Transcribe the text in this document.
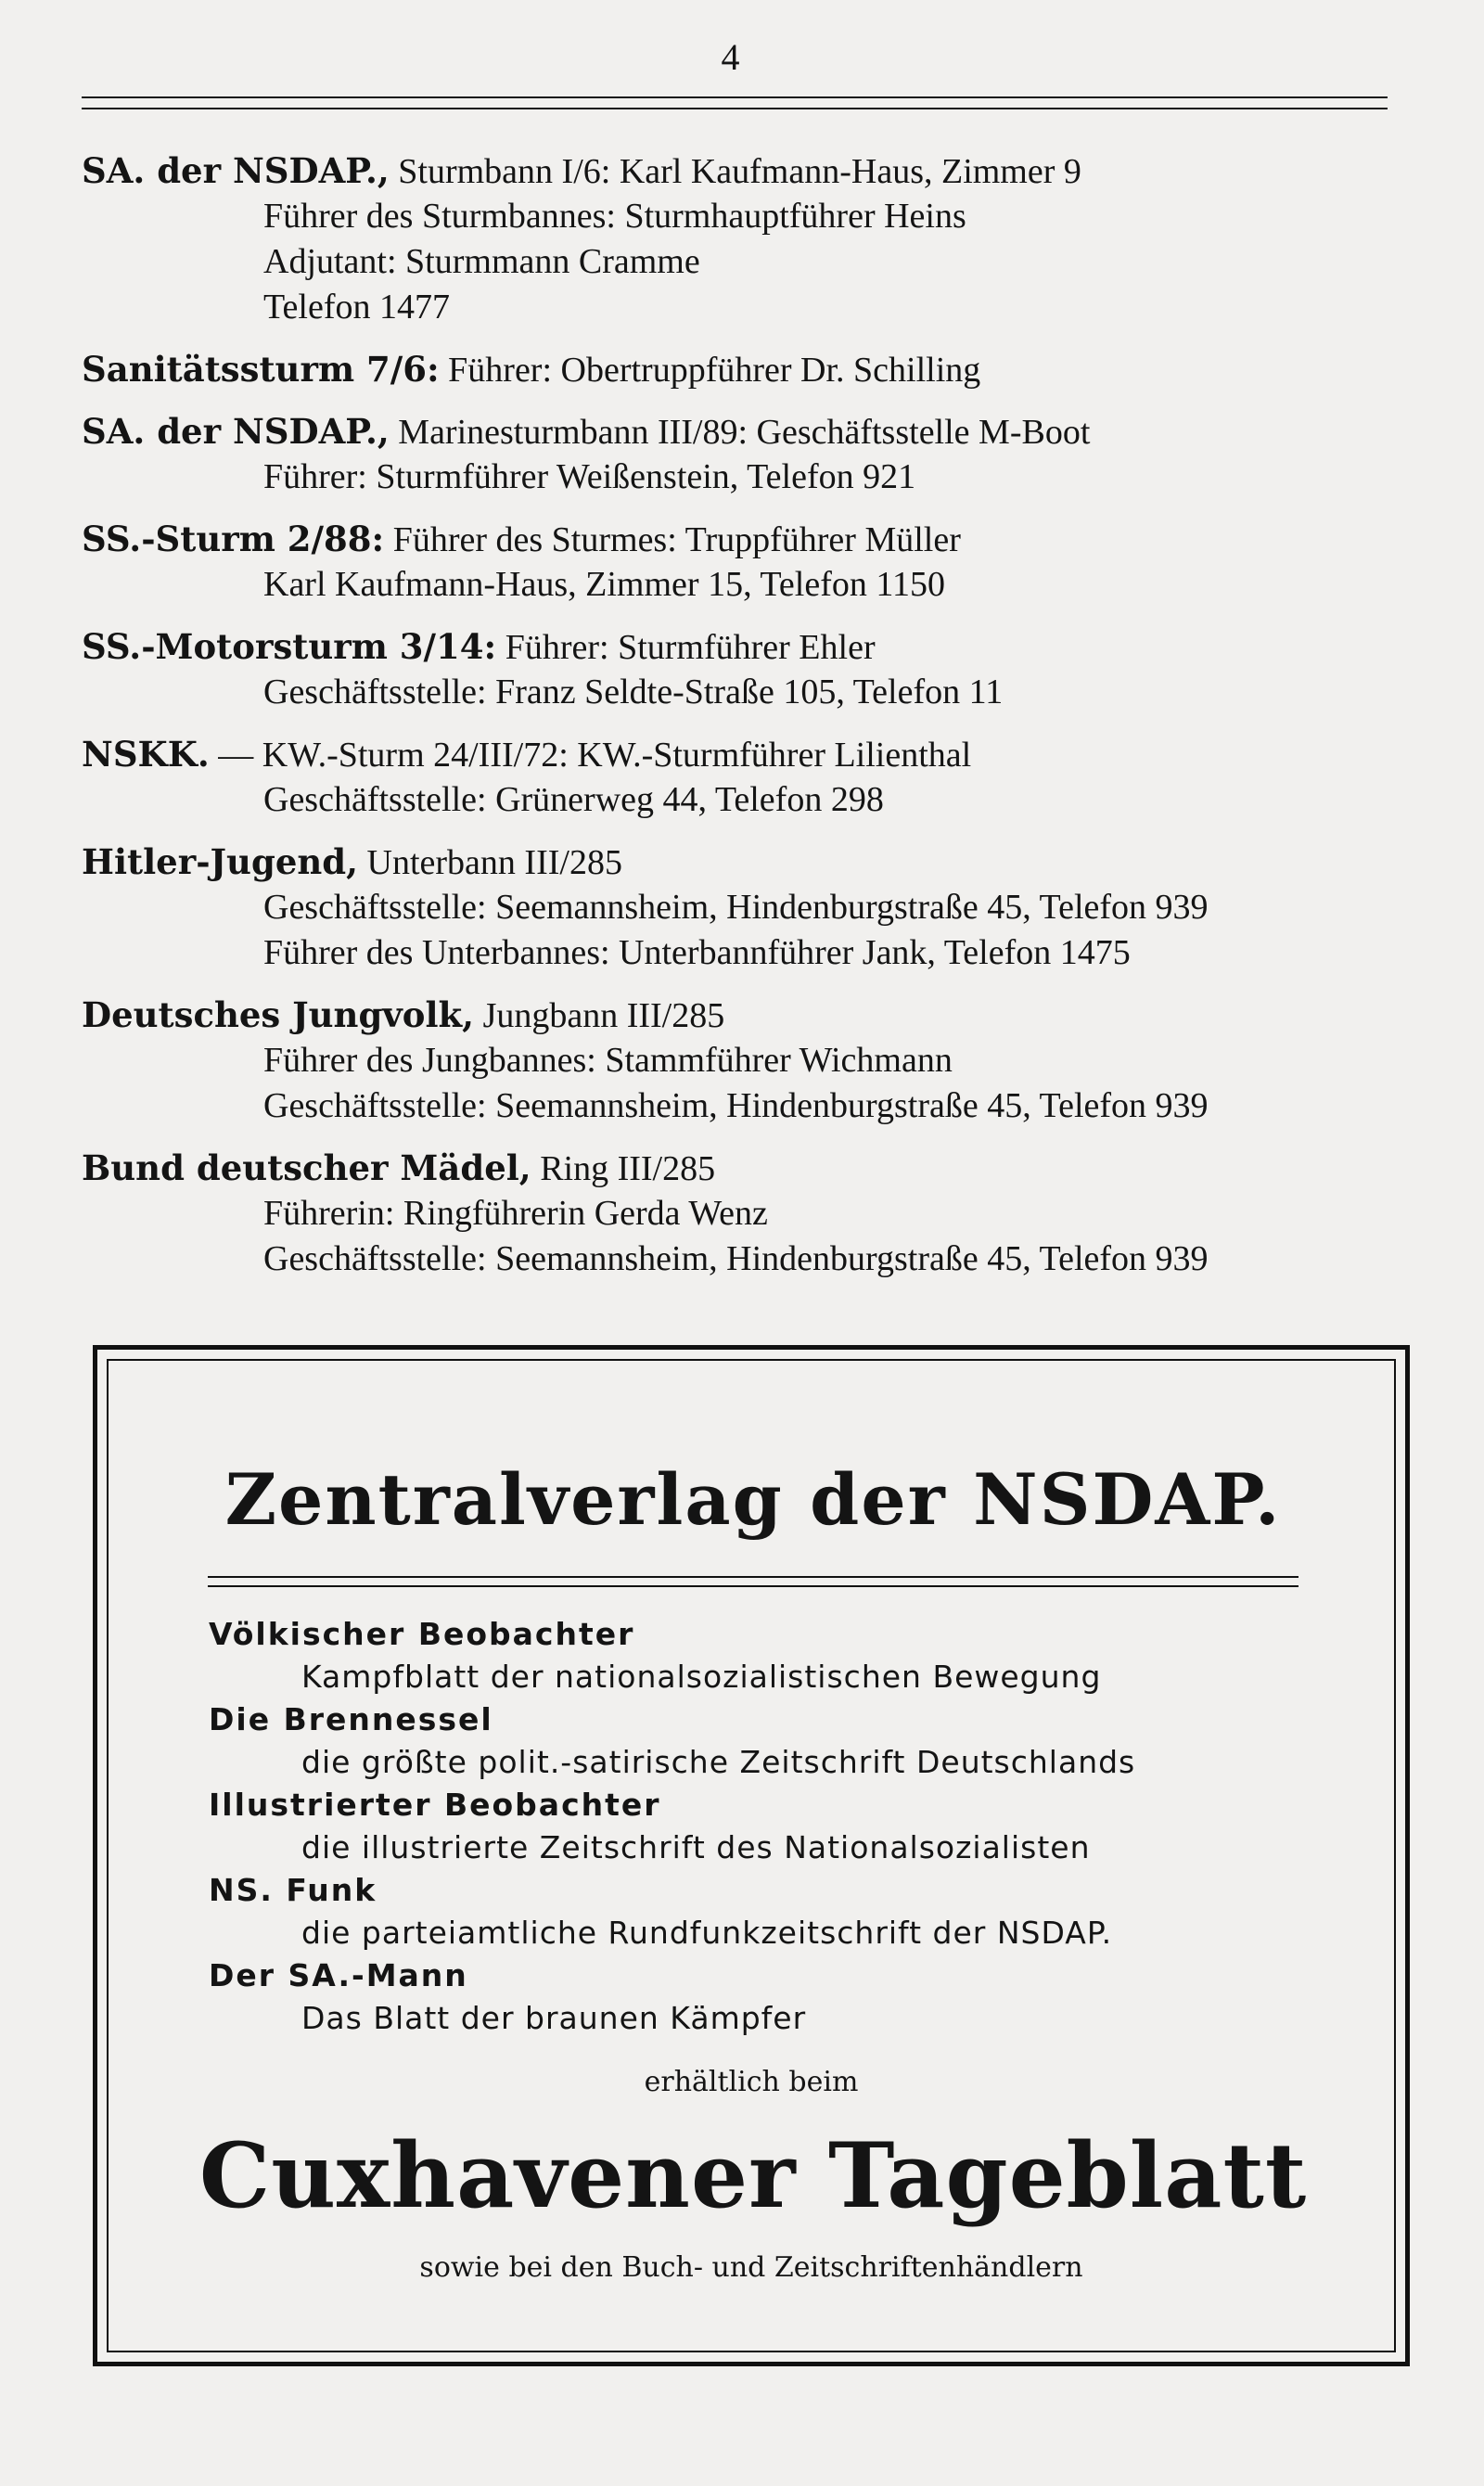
4
SA. der NSDAP., Sturmbann I/6: Karl Kaufmann-Haus, Zimmer 9
Führer des Sturmbannes: Sturmhauptführer Heins
Adjutant: Sturmmann Cramme
Telefon 1477
Sanitätssturm 7/6: Führer: Obertruppführer Dr. Schilling
SA. der NSDAP., Marinesturmbann III/89: Geschäftsstelle M-Boot
Führer: Sturmführer Weißenstein, Telefon 921
SS.-Sturm 2/88: Führer des Sturmes: Truppführer Müller
Karl Kaufmann-Haus, Zimmer 15, Telefon 1150
SS.-Motorsturm 3/14: Führer: Sturmführer Ehler
Geschäftsstelle: Franz Seldte-Straße 105, Telefon 11
NSKK. — KW.-Sturm 24/III/72: KW.-Sturmführer Lilienthal
Geschäftsstelle: Grünerweg 44, Telefon 298
Hitler-Jugend, Unterbann III/285
Geschäftsstelle: Seemannsheim, Hindenburgstraße 45, Telefon 939
Führer des Unterbannes: Unterbannführer Jank, Telefon 1475
Deutsches Jungvolk, Jungbann III/285
Führer des Jungbannes: Stammführer Wichmann
Geschäftsstelle: Seemannsheim, Hindenburgstraße 45, Telefon 939
Bund deutscher Mädel, Ring III/285
Führerin: Ringführerin Gerda Wenz
Geschäftsstelle: Seemannsheim, Hindenburgstraße 45, Telefon 939
Zentralverlag der NSDAP.
Völkischer Beobachter
Kampfblatt der nationalsozialistischen Bewegung
Die Brennessel
die größte polit.-satirische Zeitschrift Deutschlands
Illustrierter Beobachter
die illustrierte Zeitschrift des Nationalsozialisten
NS. Funk
die parteiamtliche Rundfunkzeitschrift der NSDAP.
Der SA.-Mann
Das Blatt der braunen Kämpfer
erhältlich beim
Cuxhavener Tageblatt
sowie bei den Buch- und Zeitschriftenhändlern
